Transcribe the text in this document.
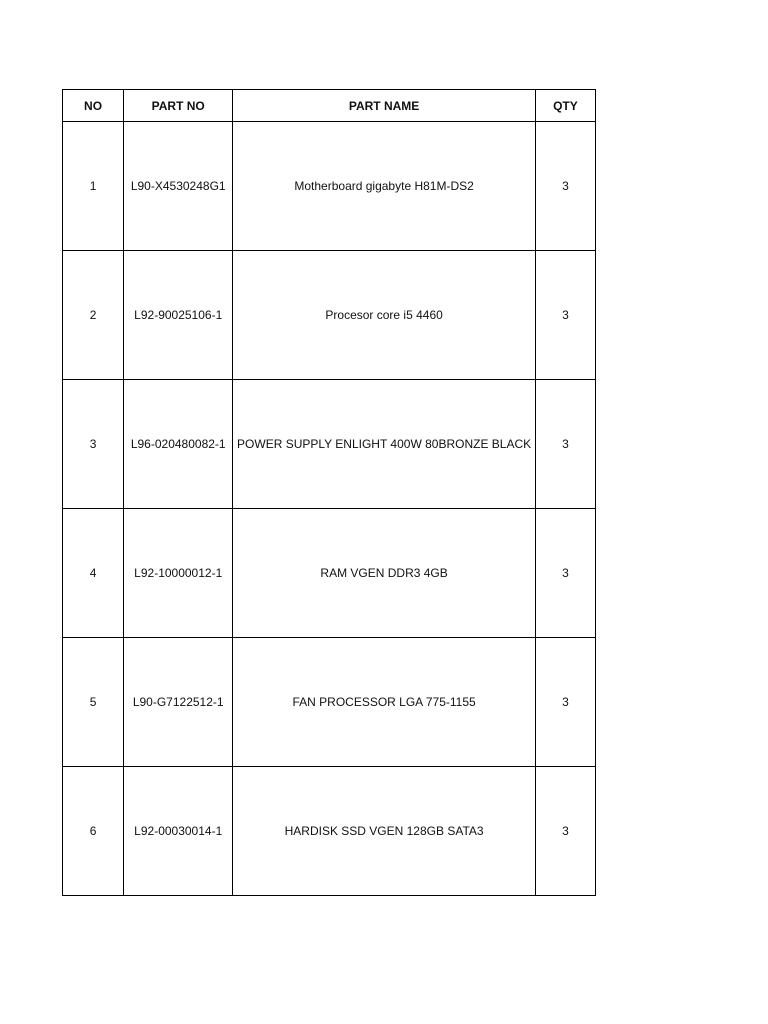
NO	PART NO	PART NAME	QTY
1	L90-X4530248G1	Motherboard gigabyte H81M-DS2	3
2	L92-90025106-1	Procesor core i5 4460	3
3	L96-020480082-1	POWER SUPPLY ENLIGHT 400W 80BRONZE BLACK	3
4	L92-10000012-1	RAM VGEN DDR3 4GB	3
5	L90-G7122512-1	FAN PROCESSOR LGA 775-1155	3
6	L92-00030014-1	HARDISK SSD VGEN 128GB SATA3	3
